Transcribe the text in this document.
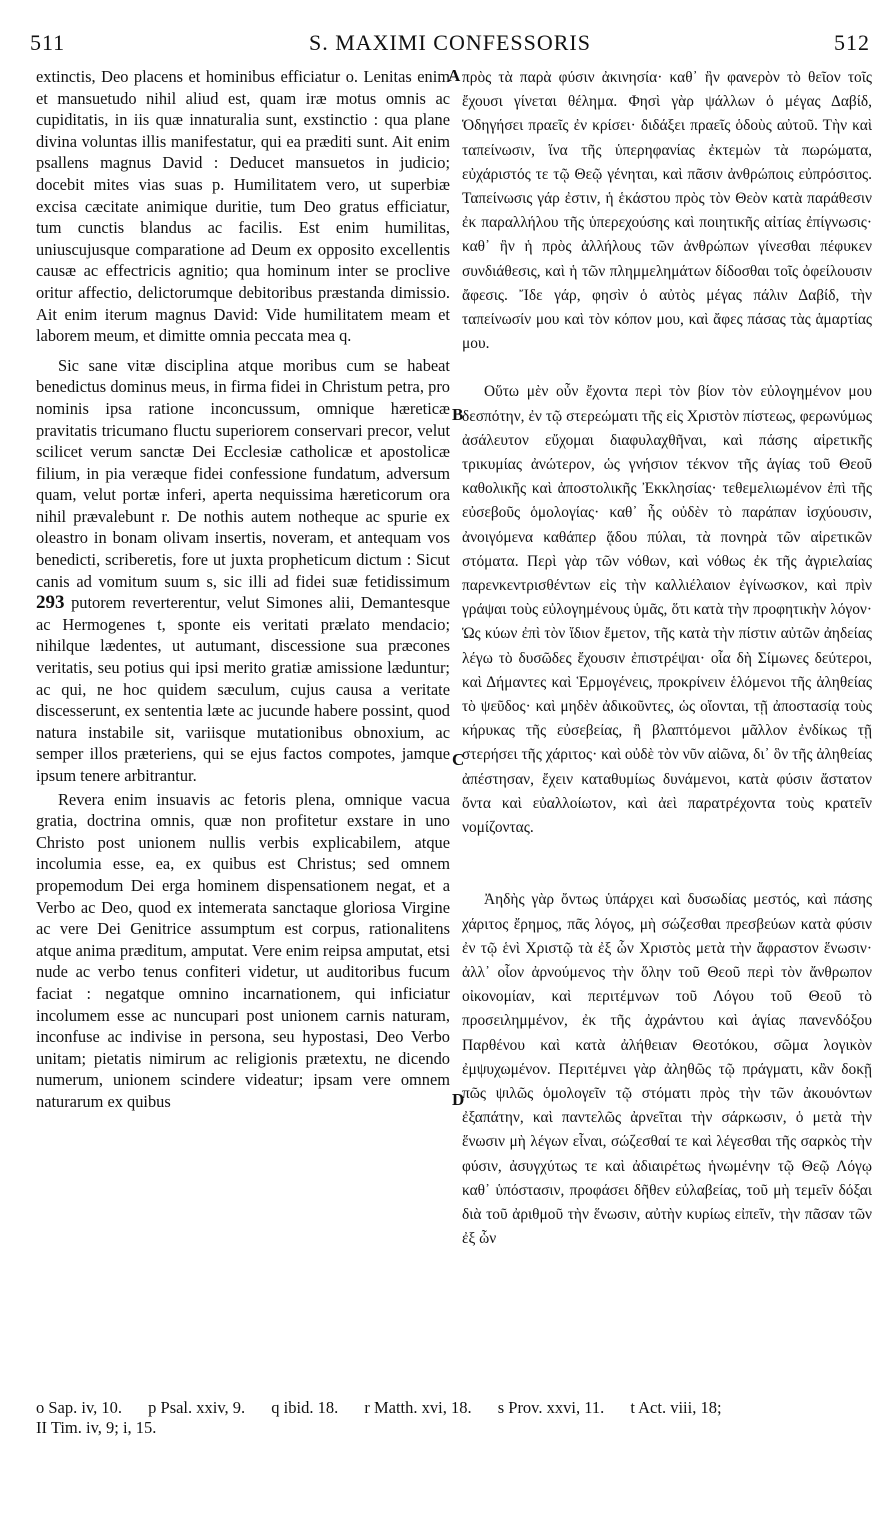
511	S. MAXIMI CONFESSORIS	512

extinctis, Deo placens et hominibus efficiatur o. Lenitas enim et mansuetudo nihil aliud est, quam iræ motus omnis ac cupiditatis, in iis quæ innaturalia sunt, exstinctio : qua plane divina voluntas illis manifestatur, qui ea præditi sunt. Ait enim psallens magnus David : Deducet mansuetos in judicio; docebit mites vias suas p. Humilitatem vero, ut superbiæ excisa cæcitate animique duritie, tum Deo gratus efficiatur, tum cunctis blandus ac facilis. Est enim humilitas, uniuscujusque comparatione ad Deum ex opposito excellentis causæ ac effectricis agnitio; qua hominum inter se proclive oritur affectio, delictorumque debitoribus præstanda dimissio. Ait enim iterum magnus David: Vide humilitatem meam et laborem meum, et dimitte omnia peccata mea q.

Sic sane vitæ disciplina atque moribus cum se habeat benedictus dominus meus, in firma fidei in Christum petra, pro nominis ipsa ratione inconcussum, omnique hæreticæ pravitatis tricumano fluctu superiorem conservari precor, velut scilicet verum sanctæ Dei Ecclesiæ catholicæ et apostolicæ filium, in pia veræque fidei confessione fundatum, adversum quam, velut portæ inferi, aperta nequissima hæreticorum ora nihil prævalebunt r. De nothis autem notheque ac spurie ex oleastro in bonam olivam insertis, noveram, et antequam vos benedicti, scriberetis, fore ut juxta propheticum dictum : Sicut canis ad vomitum suum s, sic illi ad fidei suæ fetidissimum 293 putorem reverterentur, velut Simones alii, Demantesque ac Hermogenes t, sponte eis veritati prælato mendacio; nihilque lædentes, ut autumant, discessione sua præcones veritatis, seu potius qui ipsi merito gratiæ amissione læduntur; ac qui, ne hoc quidem sæculum, cujus causa a veritate discesserunt, ex sententia læte ac jucunde habere possint, quod natura instabile sit, variisque mutationibus obnoxium, ac semper illos præteriens, qui se ejus factos compotes, jamque ipsum tenere arbitrantur.

Revera enim insuavis ac fetoris plena, omnique vacua gratia, doctrina omnis, quæ non profitetur exstare in uno Christo post unionem nullis verbis explicabilem, atque incolumia esse, ea, ex quibus est Christus; sed omnem propemodum Dei erga hominem dispensationem negat, et a Verbo ac Deo, quod ex intemerata sanctaque gloriosa Virgine ac vere Dei Genitrice assumptum est corpus, rationalitens atque anima præditum, amputat. Vere enim reipsa amputat, etsi nude ac verbo tenus confiteri videtur, ut auditoribus fucum faciat : negatque omnino incarnationem, qui inficiatur incolumem esse ac nuncupari post unionem carnis naturam, inconfuse ac indivise in persona, seu hypostasi, Deo Verbo unitam; pietatis nimirum ac religionis prætextu, ne dicendo numerum, unionem scindere videatur; ipsam vere omnem naturarum ex quibus

πρὸς τὰ παρὰ φύσιν ἀκινησία· καθ᾿ ἣν φανερὸν τὸ θεῖον τοῖς ἔχουσι γίνεται θέλημα. Φησὶ γὰρ ψάλλων ὁ μέγας Δαβίδ, Ὁδηγήσει πραεῖς ἐν κρίσει· διδάξει πραεῖς ὁδοὺς αὐτοῦ. Τὴν καὶ ταπείνωσιν, ἵνα τῆς ὑπερηφανίας ἐκτεμὼν τὰ πωρώματα, εὐχάριστός τε τῷ Θεῷ γένηται, καὶ πᾶσιν ἀνθρώποις εὐπρόσιτος. Ταπείνωσις γάρ ἐστιν, ἡ ἑκάστου πρὸς τὸν Θεὸν κατὰ παράθεσιν ἐκ παραλλήλου τῆς ὑπερεχούσης καὶ ποιητικῆς αἰτίας ἐπίγνωσις· καθ᾿ ἣν ἡ πρὸς ἀλλήλους τῶν ἀνθρώπων γίνεσθαι πέφυκεν συνδιάθεσις, καὶ ἡ τῶν πλημμελημάτων δίδοσθαι τοῖς ὀφείλουσιν ἄφεσις. Ἴδε γάρ, φησὶν ὁ αὐτὸς μέγας πάλιν Δαβίδ, τὴν ταπείνωσίν μου καὶ τὸν κόπον μου, καὶ ἄφες πάσας τὰς ἁμαρτίας μου.

Οὕτω μὲν οὖν ἔχοντα περὶ τὸν βίον τὸν εὐλογημένον μου δεσπότην, ἐν τῷ στερεώματι τῆς εἰς Χριστὸν πίστεως, φερωνύμως ἀσάλευτον εὔχομαι διαφυλαχθῆναι, καὶ πάσης αἱρετικῆς τρικυμίας ἀνώτερον, ὡς γνήσιον τέκνον τῆς ἁγίας τοῦ Θεοῦ καθολικῆς καὶ ἀποστολικῆς Ἐκκλησίας· τεθεμελιωμένον ἐπὶ τῆς εὐσεβοῦς ὁμολογίας· καθ᾿ ἧς οὐδὲν τὸ παράπαν ἰσχύουσιν, ἀνοιγόμενα καθάπερ ᾅδου πύλαι, τὰ πονηρὰ τῶν αἱρετικῶν στόματα. Περὶ γὰρ τῶν νόθων, καὶ νόθως ἐκ τῆς ἀγριελαίας παρενκεντρισθέντων εἰς τὴν καλλιέλαιον ἐγίνωσκον, καὶ πρὶν γράψαι τοὺς εὐλογημένους ὑμᾶς, ὅτι κατὰ τὴν προφητικὴν λόγον· Ὡς κύων ἐπὶ τὸν ἴδιον ἔμετον, τῆς κατὰ τὴν πίστιν αὐτῶν ἀηδείας λέγω τὸ δυσῶδες ἔχουσιν ἐπιστρέψαι· οἷα δὴ Σίμωνες δεύτεροι, καὶ Δήμαντες καὶ Ἑρμογένεις, προκρίνειν ἑλόμενοι τῆς ἀληθείας τὸ ψεῦδος· καὶ μηδὲν ἀδικοῦντες, ὡς οἴονται, τῇ ἀποστασίᾳ τοὺς κήρυκας τῆς εὐσεβείας, ἢ βλαπτόμενοι μᾶλλον ἐνδίκως τῇ στερήσει τῆς χάριτος· καὶ οὐδὲ τὸν νῦν αἰῶνα, δι᾿ ὃν τῆς ἀληθείας ἀπέστησαν, ἔχειν καταθυμίως δυνάμενοι, κατὰ φύσιν ἄστατον ὄντα καὶ εὐαλλοίωτον, καὶ ἀεὶ παρατρέχοντα τοὺς κρατεῖν νομίζοντας.

Ἀηδὴς γὰρ ὄντως ὑπάρχει καὶ δυσωδίας μεστός, καὶ πάσης χάριτος ἔρημος, πᾶς λόγος, μὴ σώζεσθαι πρεσβεύων κατὰ φύσιν ἐν τῷ ἑνὶ Χριστῷ τὰ ἐξ ὧν Χριστὸς μετὰ τὴν ἄφραστον ἕνωσιν· ἀλλ᾿ οἷον ἀρνούμενος τὴν ὅλην τοῦ Θεοῦ περὶ τὸν ἄνθρωπον οἰκονομίαν, καὶ περιτέμνων τοῦ Λόγου τοῦ Θεοῦ τὸ προσειλημμένον, ἐκ τῆς ἀχράντου καὶ ἁγίας πανενδόξου Παρθένου καὶ κατὰ ἀλήθειαν Θεοτόκου, σῶμα λογικὸν ἐμψυχωμένον. Περιτέμνει γὰρ ἀληθῶς τῷ πράγματι, κἂν δοκῇ πῶς ψιλῶς ὁμολογεῖν τῷ στόματι πρὸς τὴν τῶν ἀκουόντων ἐξαπάτην, καὶ παντελῶς ἀρνεῖται τὴν σάρκωσιν, ὁ μετὰ τὴν ἕνωσιν μὴ λέγων εἶναι, σώζεσθαί τε καὶ λέγεσθαι τῆς σαρκὸς τὴν φύσιν, ἀσυγχύτως τε καὶ ἀδιαιρέτως ἡνωμένην τῷ Θεῷ Λόγῳ καθ᾿ ὑπόστασιν, προφάσει δῆθεν εὐλαβείας, τοῦ μὴ τεμεῖν δόξαι διὰ τοῦ ἀριθμοῦ τὴν ἕνωσιν, αὐτὴν κυρίως εἰπεῖν, τὴν πᾶσαν τῶν ἐξ ὧν

A
B
C
D
o Sap. iv, 10. p Psal. xxiv, 9. q ibid. 18. r Matth. xvi, 18. s Prov. xxvi, 11. t Act. viii, 18;
II Tim. iv, 9; i, 15.
